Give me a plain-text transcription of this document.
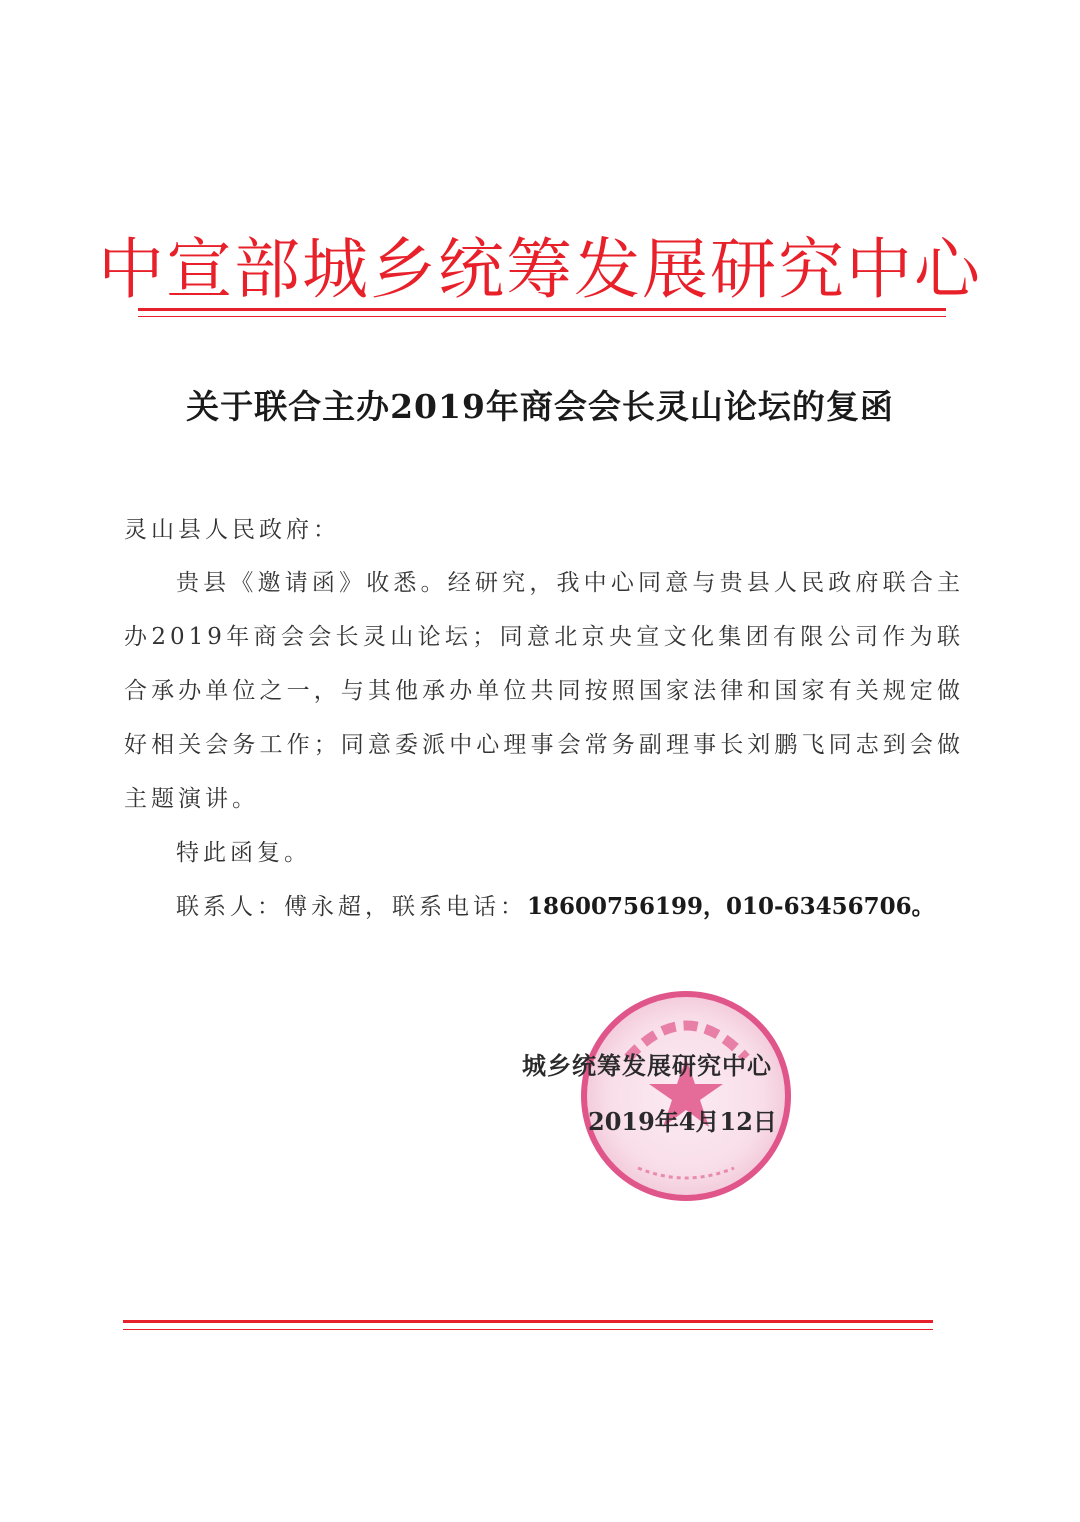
中宣部城乡统筹发展研究中心
关于联合主办2019年商会会长灵山论坛的复函
灵山县人民政府：
贵县《邀请函》收悉。经研究，我中心同意与贵县人民政府联合主办2019年商会会长灵山论坛；同意北京央宣文化集团有限公司作为联合承办单位之一，与其他承办单位共同按照国家法律和国家有关规定做好相关会务工作；同意委派中心理事会常务副理事长刘鹏飞同志到会做主题演讲。
特此函复。
联系人：傅永超，联系电话：18600756199，010-63456706。
城乡统筹发展研究中心
2019年4月12日
